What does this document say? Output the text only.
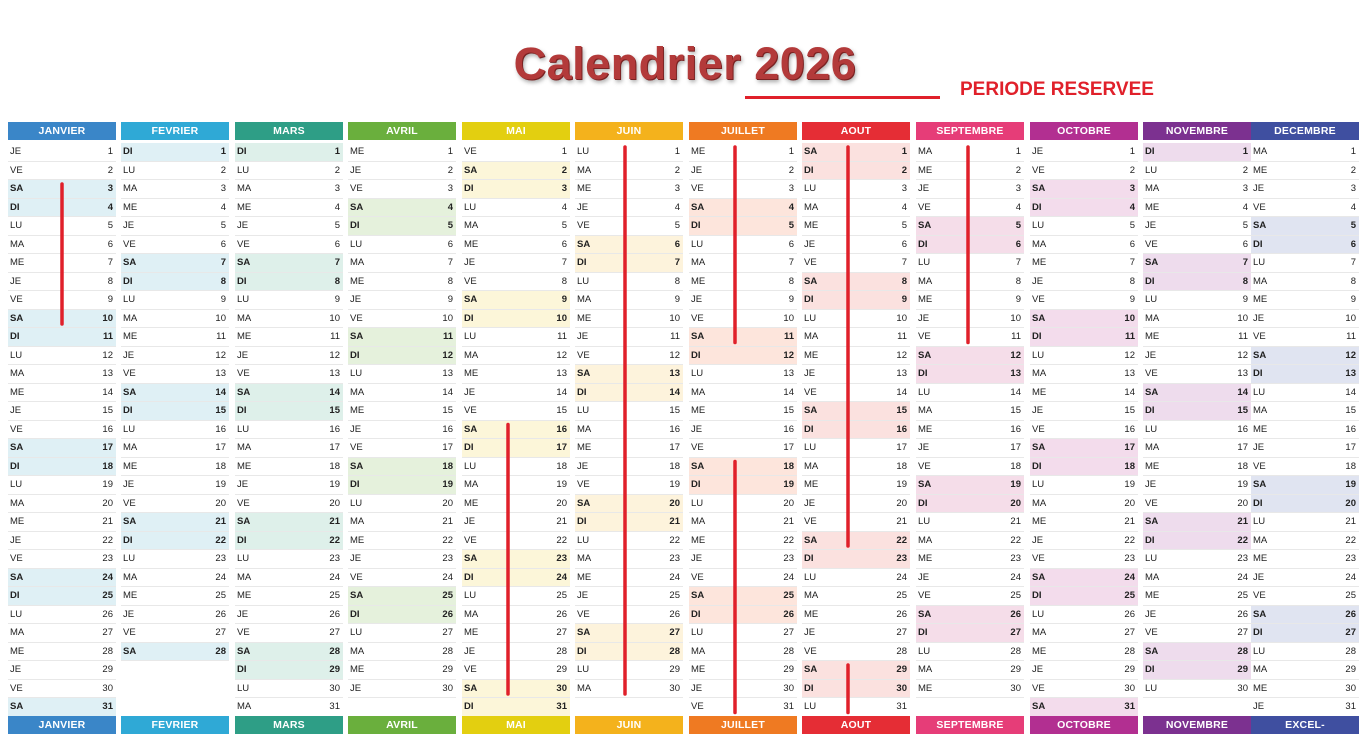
Calendrier 2026
PERIODE RESERVEE
JANVIER
JE	1
VE	2
SA	3
DI	4
LU	5
MA	6
ME	7
JE	8
VE	9
SA	10
DI	11
LU	12
MA	13
ME	14
JE	15
VE	16
SA	17
DI	18
LU	19
MA	20
ME	21
JE	22
VE	23
SA	24
DI	25
LU	26
MA	27
ME	28
JE	29
VE	30
SA	31
JANVIER
FEVRIER
DI	1
LU	2
MA	3
ME	4
JE	5
VE	6
SA	7
DI	8
LU	9
MA	10
ME	11
JE	12
VE	13
SA	14
DI	15
LU	16
MA	17
ME	18
JE	19
VE	20
SA	21
DI	22
LU	23
MA	24
ME	25
JE	26
VE	27
SA	28
FEVRIER
MARS
DI	1
LU	2
MA	3
ME	4
JE	5
VE	6
SA	7
DI	8
LU	9
MA	10
ME	11
JE	12
VE	13
SA	14
DI	15
LU	16
MA	17
ME	18
JE	19
VE	20
SA	21
DI	22
LU	23
MA	24
ME	25
JE	26
VE	27
SA	28
DI	29
LU	30
MA	31
MARS
AVRIL
ME	1
JE	2
VE	3
SA	4
DI	5
LU	6
MA	7
ME	8
JE	9
VE	10
SA	11
DI	12
LU	13
MA	14
ME	15
JE	16
VE	17
SA	18
DI	19
LU	20
MA	21
ME	22
JE	23
VE	24
SA	25
DI	26
LU	27
MA	28
ME	29
JE	30
AVRIL
MAI
VE	1
SA	2
DI	3
LU	4
MA	5
ME	6
JE	7
VE	8
SA	9
DI	10
LU	11
MA	12
ME	13
JE	14
VE	15
SA	16
DI	17
LU	18
MA	19
ME	20
JE	21
VE	22
SA	23
DI	24
LU	25
MA	26
ME	27
JE	28
VE	29
SA	30
DI	31
MAI
JUIN
LU	1
MA	2
ME	3
JE	4
VE	5
SA	6
DI	7
LU	8
MA	9
ME	10
JE	11
VE	12
SA	13
DI	14
LU	15
MA	16
ME	17
JE	18
VE	19
SA	20
DI	21
LU	22
MA	23
ME	24
JE	25
VE	26
SA	27
DI	28
LU	29
MA	30
JUIN
JUILLET
ME	1
JE	2
VE	3
SA	4
DI	5
LU	6
MA	7
ME	8
JE	9
VE	10
SA	11
DI	12
LU	13
MA	14
ME	15
JE	16
VE	17
SA	18
DI	19
LU	20
MA	21
ME	22
JE	23
VE	24
SA	25
DI	26
LU	27
MA	28
ME	29
JE	30
VE	31
JUILLET
AOUT
SA	1
DI	2
LU	3
MA	4
ME	5
JE	6
VE	7
SA	8
DI	9
LU	10
MA	11
ME	12
JE	13
VE	14
SA	15
DI	16
LU	17
MA	18
ME	19
JE	20
VE	21
SA	22
DI	23
LU	24
MA	25
ME	26
JE	27
VE	28
SA	29
DI	30
LU	31
AOUT
SEPTEMBRE
MA	1
ME	2
JE	3
VE	4
SA	5
DI	6
LU	7
MA	8
ME	9
JE	10
VE	11
SA	12
DI	13
LU	14
MA	15
ME	16
JE	17
VE	18
SA	19
DI	20
LU	21
MA	22
ME	23
JE	24
VE	25
SA	26
DI	27
LU	28
MA	29
ME	30
SEPTEMBRE
OCTOBRE
JE	1
VE	2
SA	3
DI	4
LU	5
MA	6
ME	7
JE	8
VE	9
SA	10
DI	11
LU	12
MA	13
ME	14
JE	15
VE	16
SA	17
DI	18
LU	19
MA	20
ME	21
JE	22
VE	23
SA	24
DI	25
LU	26
MA	27
ME	28
JE	29
VE	30
SA	31
OCTOBRE
NOVEMBRE
DI	1
LU	2
MA	3
ME	4
JE	5
VE	6
SA	7
DI	8
LU	9
MA	10
ME	11
JE	12
VE	13
SA	14
DI	15
LU	16
MA	17
ME	18
JE	19
VE	20
SA	21
DI	22
LU	23
MA	24
ME	25
JE	26
VE	27
SA	28
DI	29
LU	30
NOVEMBRE
DECEMBRE
MA	1
ME	2
JE	3
VE	4
SA	5
DI	6
LU	7
MA	8
ME	9
JE	10
VE	11
SA	12
DI	13
LU	14
MA	15
ME	16
JE	17
VE	18
SA	19
DI	20
LU	21
MA	22
ME	23
JE	24
VE	25
SA	26
DI	27
LU	28
MA	29
ME	30
JE	31
EXCEL-PRATIQUE.COM
